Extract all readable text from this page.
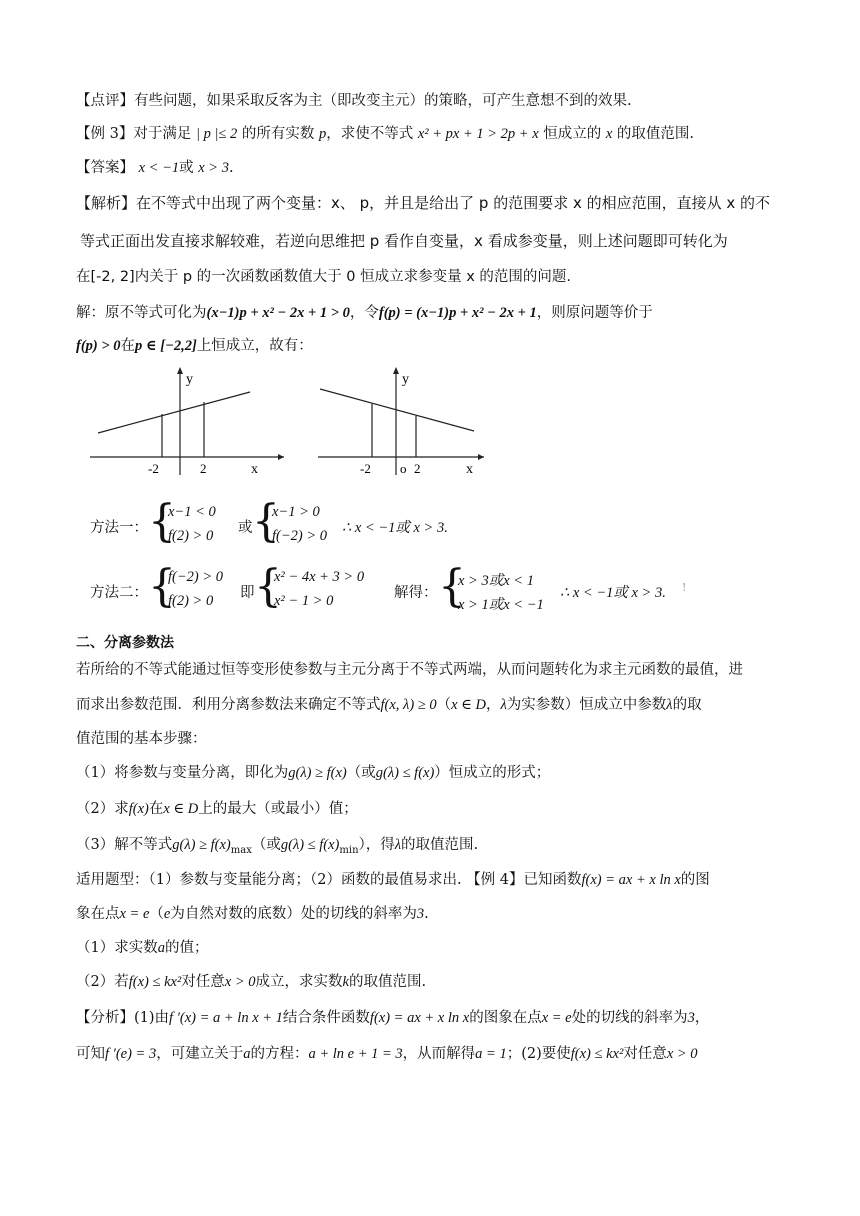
【点评】有些问题，如果采取反客为主（即改变主元）的策略，可产生意想不到的效果.
【例 3】对于满足 | p |≤ 2 的所有实数 p，求使不等式 x² + px + 1 > 2p + x 恒成立的 x 的取值范围.
【答案】 x < −1或 x > 3.
【解析】在不等式中出现了两个变量：x、 p，并且是给出了 p 的范围要求 x 的相应范围，直接从 x 的不
等式正面出发直接求解较难，若逆向思维把 p 看作自变量，x 看成参变量，则上述问题即可转化为
在[-2, 2]内关于 p 的一次函数函数值大于 0 恒成立求参变量 x 的范围的问题.
解：原不等式可化为(x−1)p + x² − 2x + 1 > 0，令f(p) = (x−1)p + x² − 2x + 1，则原问题等价于
f(p) > 0在p ∈ [−2,2]上恒成立，故有：
y
x
-2	2
y
x
-2 o 2
方法一： {
x−1 < 0
f(2) > 0 或 {
x−1 > 0
f(−2) > 0 ∴ x < −1或 x > 3.
方法二： {
f(−2) > 0
f(2) > 0 即 {
x² − 4x + 3 > 0
x² − 1 > 0	解得： {
x > 3或x < 1
x > 1或x < −1
∴ x < −1或 x > 3. !
二、分离参数法
若所给的不等式能通过恒等变形使参数与主元分离于不等式两端，从而问题转化为求主元函数的最值，进
而求出参数范围．利用分离参数法来确定不等式f(x, λ) ≥ 0（x ∈ D，λ为实参数）恒成立中参数λ的取
值范围的基本步骤：
（1）将参数与变量分离，即化为g(λ) ≥ f(x)（或g(λ) ≤ f(x)）恒成立的形式；
（2）求f(x)在x ∈ D上的最大（或最小）值；
（3）解不等式$g(\lambda) \ge f(x)_{max}$（或$g(\lambda) \le f(x)_{min}$），得λ的取值范围.
适用题型：（1）参数与变量能分离；（2）函数的最值易求出. 【例 4】已知函数f(x) = ax + x ln x的图
象在点x = e（e为自然对数的底数）处的切线的斜率为3.
（1）求实数a的值；
（2）若f(x) ≤ kx²对任意x > 0成立，求实数k的取值范围.
【分析】(1)由f ′(x) = a + ln x + 1结合条件函数f(x) = ax + x ln x的图象在点x = e处的切线的斜率为3，
可知f ′(e) = 3，可建立关于a的方程：a + ln e + 1 = 3，从而解得a = 1；(2)要使f(x) ≤ kx²对任意x > 0
